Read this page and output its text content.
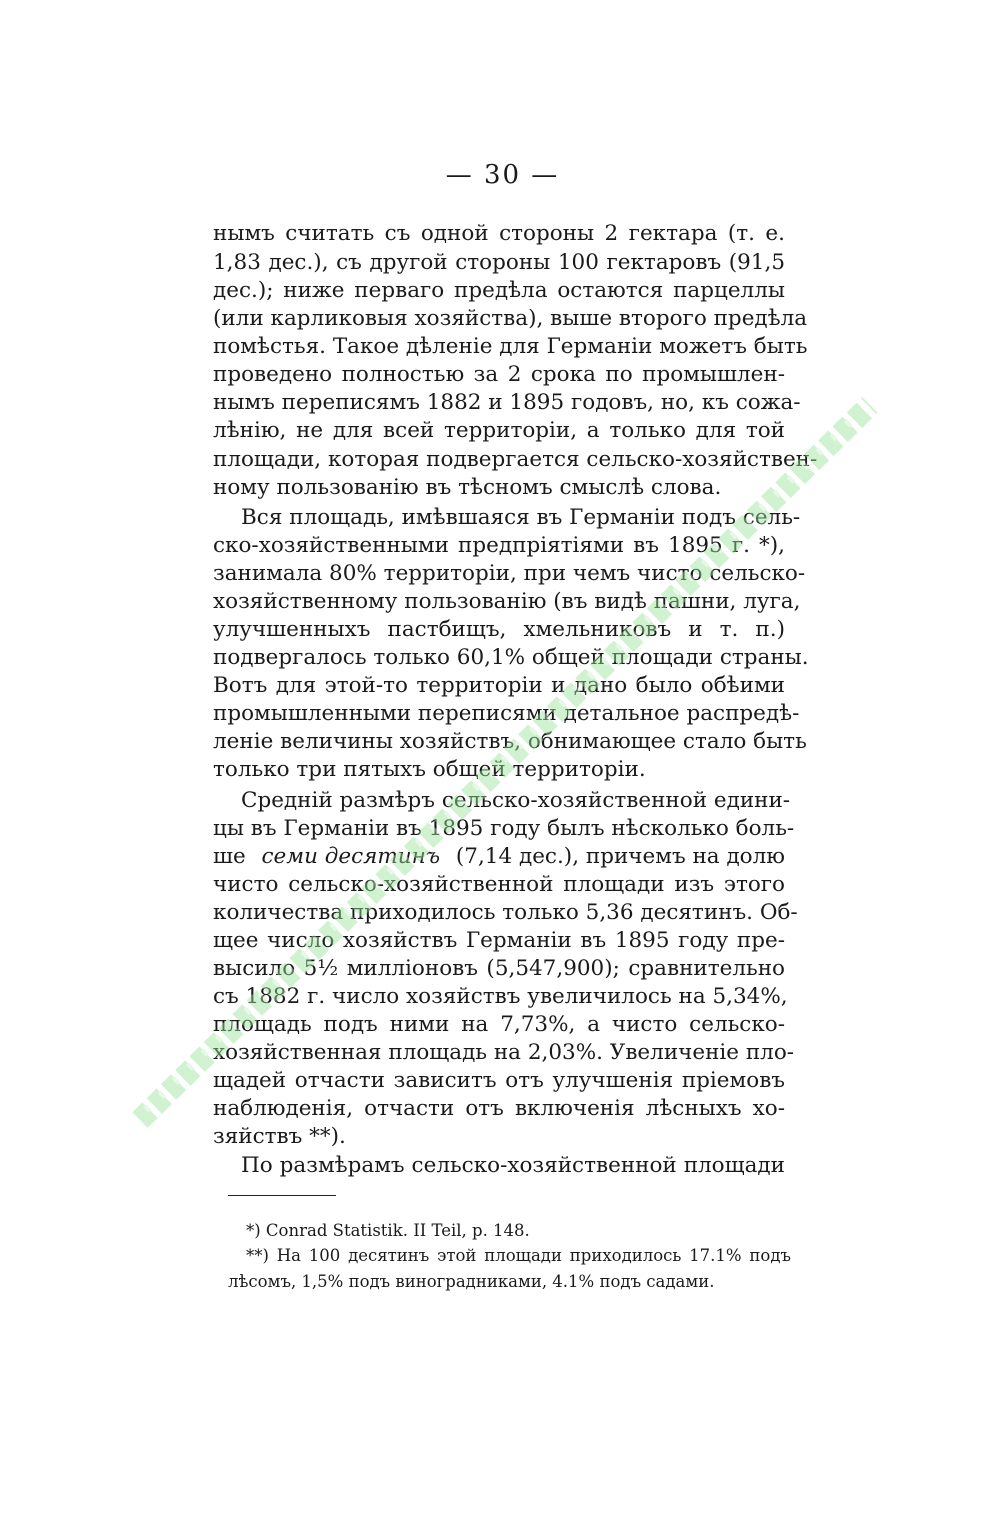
— 30 —
нымъ считать съ одной стороны 2 гектара (т. е.
1,83 дес.), съ другой стороны 100 гектаровъ (91,5
дес.); ниже перваго предѣла остаются парцеллы
(или карликовыя хозяйства), выше второго предѣла
помѣстья. Такое дѣленіе для Германіи можетъ быть
проведено полностью за 2 срока по промышлен-
нымъ переписямъ 1882 и 1895 годовъ, но, къ сожа-
лѣнію, не для всей территоріи, а только для той
площади, которая подвергается сельско-хозяйствен-
ному пользованію въ тѣсномъ смыслѣ слова.
Вся площадь, имѣвшаяся въ Германіи подъ сель-
ско-хозяйственными предпріятіями въ 1895 г. *),
занимала 80% территоріи, при чемъ чисто сельско-
хозяйственному пользованію (въ видѣ пашни, луга,
улучшенныхъ пастбищъ, хмельниковъ и т. п.)
подвергалось только 60,1% общей площади страны.
Вотъ для этой-то территоріи и дано было обѣими
промышленными переписями детальное распредѣ-
леніе величины хозяйствъ, обнимающее стало быть
только три пятыхъ общей территоріи.
Средній размѣръ сельско-хозяйственной едини-
цы въ Германіи въ 1895 году былъ нѣсколько боль-
ше семи десятинъ (7,14 дес.), причемъ на долю
чисто сельско-хозяйственной площади изъ этого
количества приходилось только 5,36 десятинъ. Об-
щее число хозяйствъ Германіи въ 1895 году пре-
высило 5½ милліоновъ (5,547,900); сравнительно
съ 1882 г. число хозяйствъ увеличилось на 5,34%,
площадь подъ ними на 7,73%, а чисто сельско-
хозяйственная площадь на 2,03%. Увеличеніе пло-
щадей отчасти зависитъ отъ улучшенія пріемовъ
наблюденія, отчасти отъ включенія лѣсныхъ хо-
зяйствъ **).
По размѣрамъ сельско-хозяйственной площади
*) Conrad Statistik. II Teil, p. 148.
**) На 100 десятинъ этой площади приходилось 17.1% подъ
лѣсомъ, 1,5% подъ виноградниками, 4.1% подъ садами.
